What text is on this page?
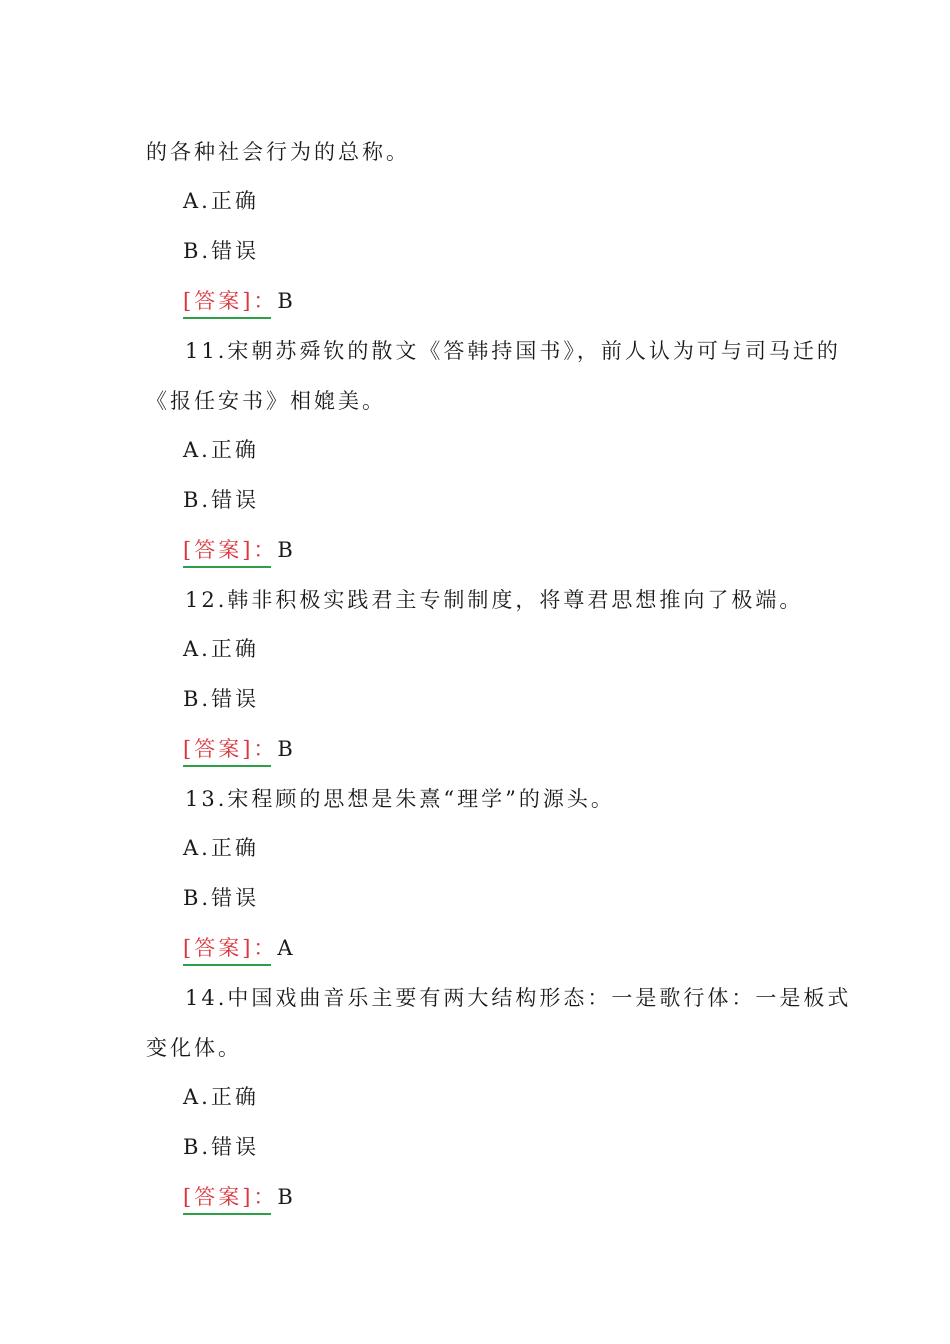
的各种社会行为的总称。
A.正确
B.错误
[答案]：B
11.宋朝苏舜钦的散文《答韩持国书》，前人认为可与司马迁的
《报任安书》相媲美。
A.正确
B.错误
[答案]：B
12.韩非积极实践君主专制制度，将尊君思想推向了极端。
A.正确
B.错误
[答案]：B
13.宋程顾的思想是朱熹“理学”的源头。
A.正确
B.错误
[答案]：A
14.中国戏曲音乐主要有两大结构形态：一是歌行体：一是板式
变化体。
A.正确
B.错误
[答案]：B
